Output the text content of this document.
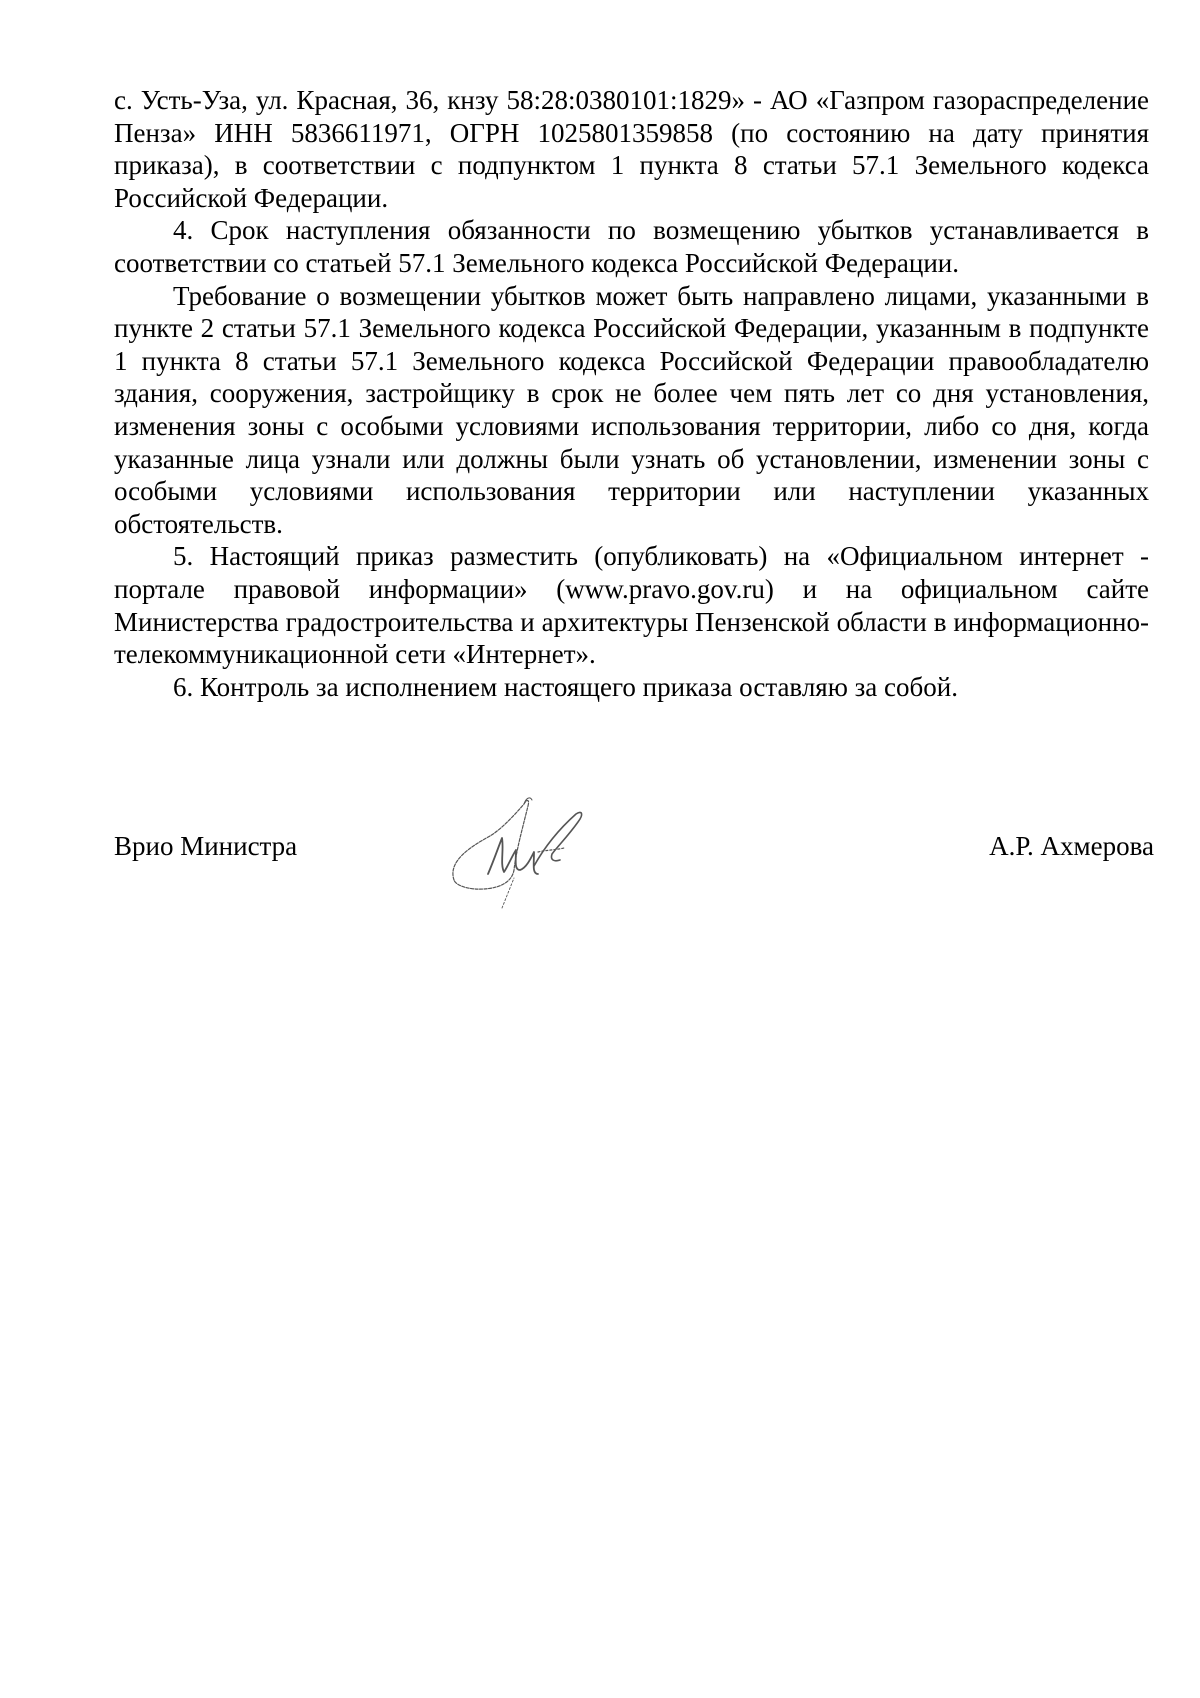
с. Усть-Уза, ул. Красная, 36, кнзу 58:28:0380101:1829» - АО «Газпром газораспределение Пенза» ИНН 5836611971, ОГРН 1025801359858 (по состоянию на дату принятия приказа), в соответствии с подпунктом 1 пункта 8 статьи 57.1 Земельного кодекса Российской Федерации.

4. Срок наступления обязанности по возмещению убытков устанавливается в соответствии со статьей 57.1 Земельного кодекса Российской Федерации.

Требование о возмещении убытков может быть направлено лицами, указанными в пункте 2 статьи 57.1 Земельного кодекса Российской Федерации, указанным в подпункте 1 пункта 8 статьи 57.1 Земельного кодекса Российской Федерации правообладателю здания, сооружения, застройщику в срок не более чем пять лет со дня установления, изменения зоны с особыми условиями использования территории, либо со дня, когда указанные лица узнали или должны были узнать об установлении, изменении зоны с особыми условиями использования территории или наступлении указанных обстоятельств.

5. Настоящий приказ разместить (опубликовать) на «Официальном интернет - портале правовой информации» (www.pravo.gov.ru) и на официальном сайте Министерства градостроительства и архитектуры Пензенской области в информационно-телекоммуникационной сети «Интернет».

6. Контроль за исполнением настоящего приказа оставляю за собой.

Врио Министра	А.Р. Ахмерова
